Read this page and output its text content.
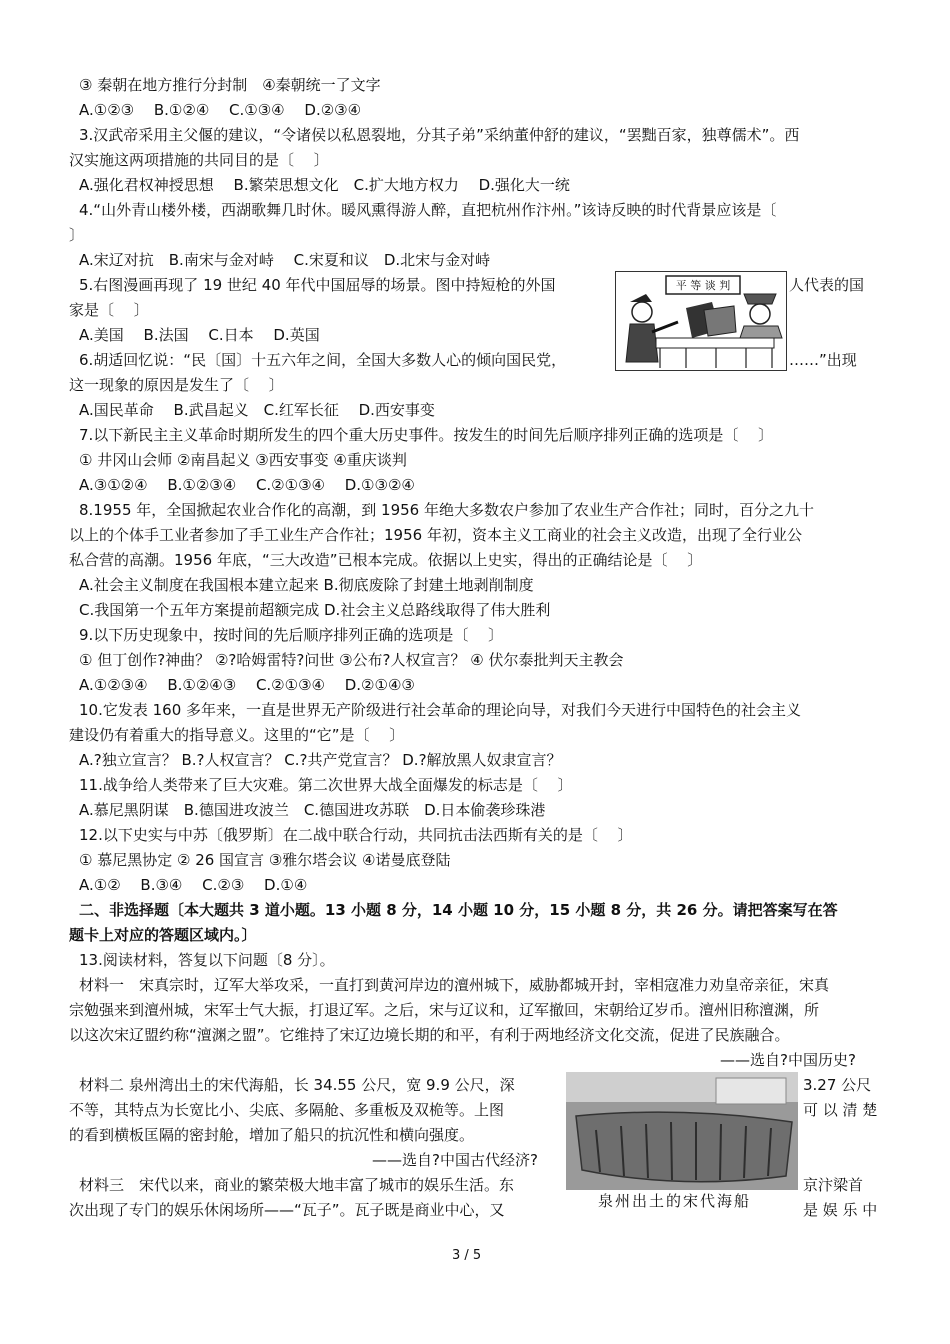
③ 秦朝在地方推行分封制　④秦朝统一了文字
A.①②③　 B.①②④　 C.①③④　 D.②③④
3.汉武帝采用主父偃的建议，“令诸侯以私恩裂地，分其子弟”采纳董仲舒的建议，“罢黜百家，独尊儒术”。西
汉实施这两项措施的共同目的是〔　 〕
A.强化君权神授思想　 B.繁荣思想文化　C.扩大地方权力　 D.强化大一统
4.“山外青山楼外楼，西湖歌舞几时休。暖风熏得游人醉，直把杭州作汴州。”该诗反映的时代背景应该是〔
〕
A.宋辽对抗　B.南宋与金对峙　 C.宋夏和议　D.北宋与金对峙
5.右图漫画再现了 19 世纪 40 年代中国屈辱的场景。图中持短枪的外国	人代表的国
家是〔　 〕
A.美国　 B.法国　 C.日本　 D.英国
6.胡适回忆说：“民〔国〕十五六年之间，全国大多数人心的倾向国民党，	……”出现
这一现象的原因是发生了〔　 〕
A.国民革命　 B.武昌起义　C.红军长征　 D.西安事变
7.以下新民主主义革命时期所发生的四个重大历史事件。按发生的时间先后顺序排列正确的选项是〔　 〕
① 井冈山会师 ②南昌起义 ③西安事变 ④重庆谈判
A.③①②④　 B.①②③④　 C.②①③④　 D.①③②④
8.1955 年，全国掀起农业合作化的高潮，到 1956 年绝大多数农户参加了农业生产合作社；同时，百分之九十
以上的个体手工业者参加了手工业生产合作社；1956 年初，资本主义工商业的社会主义改造，出现了全行业公
私合营的高潮。1956 年底，“三大改造”已根本完成。依据以上史实，得出的正确结论是〔　 〕
A.社会主义制度在我国根本建立起来 B.彻底废除了封建土地剥削制度
C.我国第一个五年方案提前超额完成 D.社会主义总路线取得了伟大胜利
9.以下历史现象中，按时间的先后顺序排列正确的选项是〔　 〕
① 但丁创作?神曲？ ②?哈姆雷特?问世 ③公布?人权宣言？ ④ 伏尔泰批判天主教会
A.①②③④　 B.①②④③　 C.②①③④　 D.②①④③
10.它发表 160 多年来，一直是世界无产阶级进行社会革命的理论向导，对我们今天进行中国特色的社会主义
建设仍有着重大的指导意义。这里的“它”是〔　 〕
A.?独立宣言？ B.?人权宣言？ C.?共产党宣言？ D.?解放黑人奴隶宣言？
11.战争给人类带来了巨大灾难。第二次世界大战全面爆发的标志是〔　 〕
A.慕尼黑阴谋　B.德国进攻波兰　C.德国进攻苏联　D.日本偷袭珍珠港
12.以下史实与中苏〔俄罗斯〕在二战中联合行动，共同抗击法西斯有关的是〔　 〕
① 慕尼黑协定 ② 26 国宣言 ③雅尔塔会议 ④诺曼底登陆
A.①②　 B.③④　 C.②③　 D.①④
二、非选择题〔本大题共 3 道小题。13 小题 8 分，14 小题 10 分，15 小题 8 分，共 26 分。请把答案写在答
题卡上对应的答题区域内。〕
13.阅读材料，答复以下问题〔8 分〕。
材料一　宋真宗时，辽军大举攻采，一直打到黄河岸边的澶州城下，威胁都城开封，宰相寇准力劝皇帝亲征，宋真
宗勉强来到澶州城，宋军士气大振，打退辽军。之后，宋与辽议和，辽军撤回，宋朝给辽岁币。澶州旧称澶渊，所
以这次宋辽盟约称“澶渊之盟”。它维持了宋辽边境长期的和平，有利于两地经济文化交流，促进了民族融合。
——选自?中国历史?
材料二 泉州湾出土的宋代海船，长 34.55 公尺，宽 9.9 公尺，深	3.27 公尺
不等，其特点为长宽比小、尖底、多隔舱、多重板及双桅等。上图	可 以 清 楚
的看到横板匡隔的密封舱，增加了船只的抗沉性和横向强度。
——选自?中国古代经济?
材料三　宋代以来，商业的繁荣极大地丰富了城市的娱乐生活。东	京汴梁首
次出现了专门的娱乐休闲场所——“瓦子”。瓦子既是商业中心，又	是 娱 乐 中
3 / 5
平 等 谈 判
泉州出土的宋代海船
